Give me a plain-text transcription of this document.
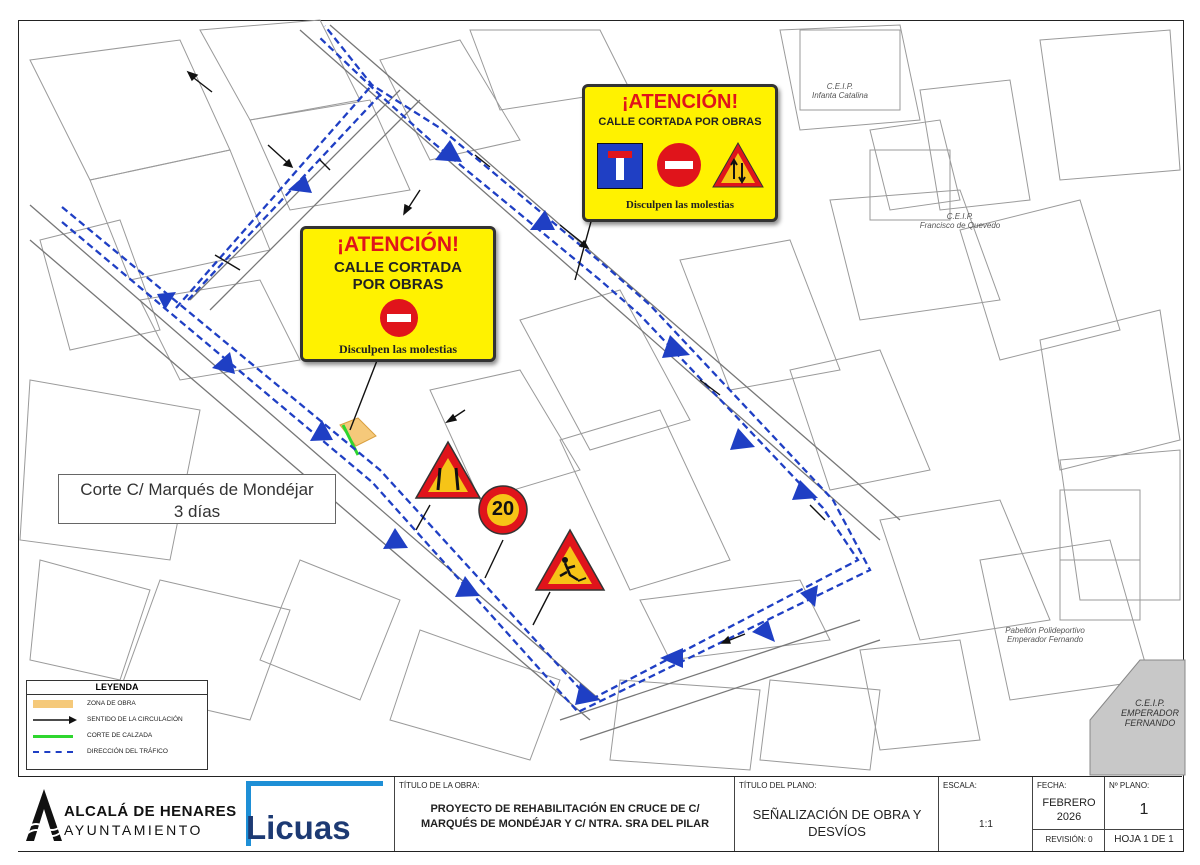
20
¡ATENCIÓN!
CALLE CORTADA
POR OBRAS
Disculpen las molestias
¡ATENCIÓN!
CALLE CORTADA POR OBRAS
Disculpen las molestias
Corte C/ Marqués de Mondéjar
3 días
C.E.I.P.
Infanta Catalina
C.E.I.P.
Francisco de Quevedo
Pabellón Polideportivo
Emperador Fernando
C.E.I.P.
EMPERADOR
FERNANDO
LEYENDA
ZONA DE OBRA
SENTIDO DE LA CIRCULACIÓN
CORTE DE CALZADA
DIRECCIÓN DEL TRÁFICO
ALCALÁ DE HENARES
AYUNTAMIENTO Licuas
TÍTULO DE LA OBRA:
PROYECTO DE REHABILITACIÓN EN CRUCE DE C/
MARQUÉS DE MONDÉJAR Y C/ NTRA. SRA DEL PILAR
TÍTULO DEL PLANO:
SEÑALIZACIÓN DE OBRA Y
DESVÍOS
ESCALA:
1:1
FECHA:
FEBRERO
2026
REVISIÓN: 0
Nº PLANO:
1
HOJA 1 DE 1
